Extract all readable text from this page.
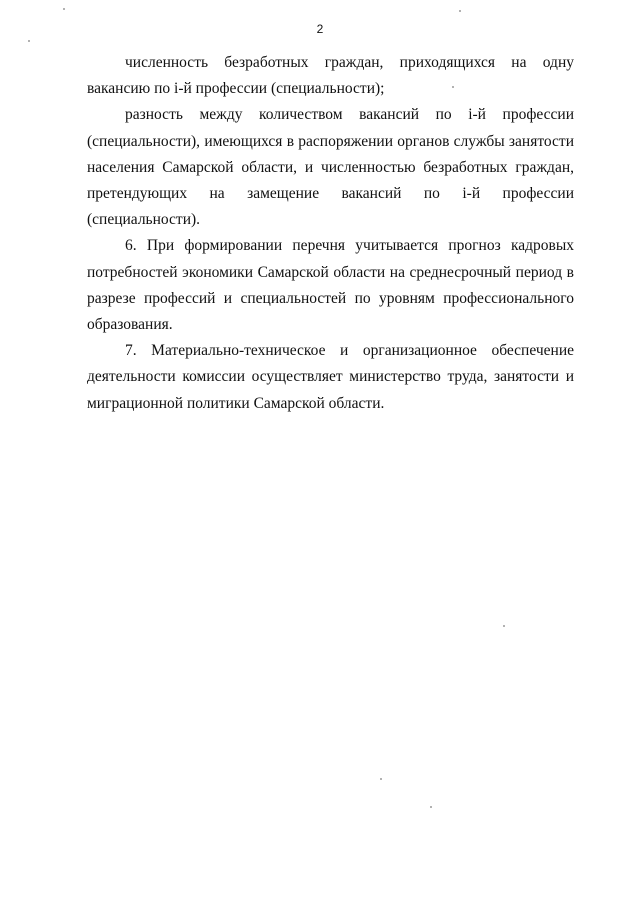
2

численность безработных граждан, приходящихся на одну вакансию по i-й профессии (специальности);

разность между количеством вакансий по i-й профессии (специальности), имеющихся в распоряжении органов службы занятости населения Самарской области, и численностью безработных граждан, претендующих на замещение вакансий по i-й профессии (специальности).

6. При формировании перечня учитывается прогноз кадровых потребностей экономики Самарской области на среднесрочный период в разрезе профессий и специальностей по уровням профессионального образования.

7. Материально-техническое и организационное обеспечение деятельности комиссии осуществляет министерство труда, занятости и миграционной политики Самарской области.
